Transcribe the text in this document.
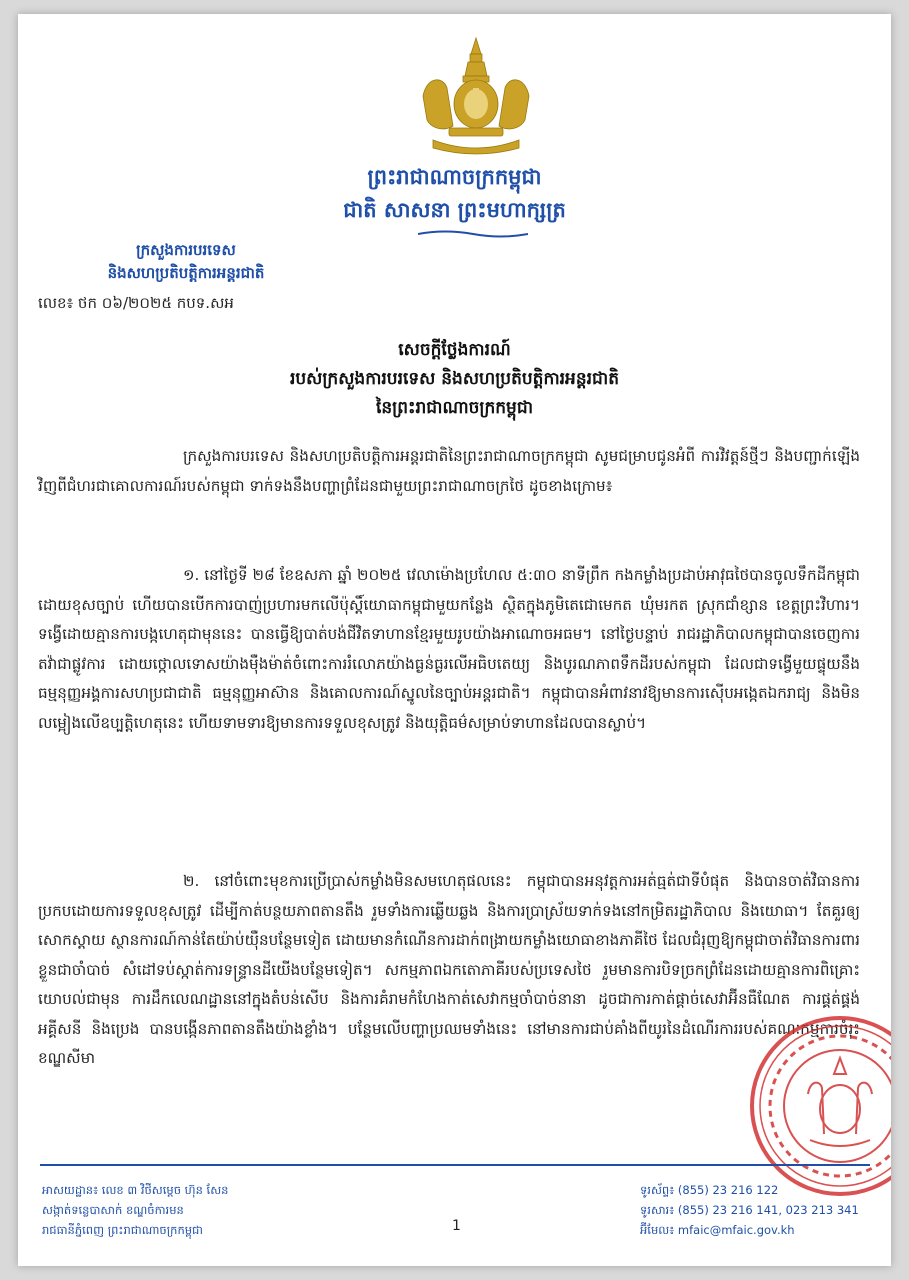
ព្រះរាជាណាចក្រកម្ពុជា
ជាតិ សាសនា ព្រះមហាក្សត្រ
ក្រសួងការបរទេស
និងសហប្រតិបត្តិការអន្តរជាតិ
លេខ៖ ថក ០៦/២០២៥ កបទ.សអ
សេចក្តីថ្លែងការណ៍
របស់ក្រសួងការបរទេស និងសហប្រតិបត្តិការអន្តរជាតិ
នៃព្រះរាជាណាចក្រកម្ពុជា
ក្រសួងការបរទេស និងសហប្រតិបត្តិការអន្តរជាតិនៃព្រះរាជាណាចក្រកម្ពុជា សូមជម្រាបជូនអំពី ការវិវត្តន៍ថ្មីៗ និងបញ្ជាក់ឡើងវិញពីជំហរជាគោលការណ៍របស់កម្ពុជា ទាក់ទងនឹងបញ្ហាព្រំដែនជាមួយព្រះរាជាណាចក្រថៃ ដូចខាងក្រោម៖
១. នៅថ្ងៃទី ២៨ ខែឧសភា ឆ្នាំ ២០២៥ វេលាម៉ោងប្រហែល ៥:៣០ នាទីព្រឹក កងកម្លាំងប្រដាប់អាវុធថៃបានចូលទឹកដីកម្ពុជាដោយខុសច្បាប់ ហើយបានបើកការបាញ់ប្រហារមកលើប៉ុស្តិ៍យោធាកម្ពុជាមួយកន្លែង ស្ថិតក្នុងភូមិតេជោមេកត ឃុំមរកត ស្រុកជាំខ្សាន ខេត្តព្រះវិហារ។ ទង្វើដោយគ្មានការបង្កហេតុជាមុននេះ បានធ្វើឱ្យបាត់បង់ជីវិតទាហានខ្មែរមួយរូបយ៉ាងអាណោចអធម។ នៅថ្ងៃបន្ទាប់ រាជរដ្ឋាភិបាលកម្ពុជាបានចេញការតវ៉ាជាផ្លូវការ ដោយថ្កោលទោសយ៉ាងម៉ឺងម៉ាត់ចំពោះការរំលោភយ៉ាងធ្ងន់ធ្ងរលើអធិបតេយ្យ និងបូរណភាពទឹកដីរបស់កម្ពុជា ដែលជាទង្វើមួយផ្ទុយនឹងធម្មនុញ្ញអង្គការសហប្រជាជាតិ ធម្មនុញ្ញអាស៊ាន និងគោលការណ៍ស្នូលនៃច្បាប់អន្តរជាតិ។ កម្ពុជាបានអំពាវនាវឱ្យមានការស៊ើបអង្កេតឯករាជ្យ និងមិនលម្អៀងលើឧប្បត្តិហេតុនេះ ហើយទាមទារឱ្យមានការទទួលខុសត្រូវ និងយុត្តិធម៌សម្រាប់ទាហានដែលបានស្លាប់។
២. នៅចំពោះមុខការប្រើប្រាស់កម្លាំងមិនសមហេតុផលនេះ កម្ពុជាបានអនុវត្តការអត់ធ្មត់ជាទីបំផុត និងបានចាត់វិធានការប្រកបដោយការទទួលខុសត្រូវ ដើម្បីកាត់បន្ថយភាពតានតឹង រួមទាំងការឆ្លើយឆ្លង និងការប្រាស្រ័យទាក់ទងនៅកម្រិតរដ្ឋាភិបាល និងយោធា។ តែគួរឲ្យសោកស្ដាយ ស្ថានការណ៍កាន់តែយ៉ាប់យ៉ឺនបន្ថែមទៀត ដោយមានកំណើនការដាក់ពង្រាយកម្លាំងយោធាខាងភាគីថៃ ដែលជំរុញឱ្យកម្ពុជាចាត់វិធានការពារខ្លួនជាចាំបាច់ សំដៅទប់ស្កាត់ការទន្ទ្រានដីយើងបន្ថែមទៀត។ សកម្មភាពឯកតោភាគីរបស់ប្រទេសថៃ រួមមានការបិទច្រកព្រំដែនដោយគ្មានការពិគ្រោះយោបល់ជាមុន ការដឹកលេណដ្ឋាននៅក្នុងតំបន់សើប និងការគំរាមកំហែងកាត់សេវាកម្មចាំបាច់នានា ដូចជាការកាត់ផ្ដាច់សេវាអ៊ីនធឺណែត ការផ្គត់ផ្គង់អគ្គីសនី និងប្រេង បានបង្កើនភាពតានតឹងយ៉ាងខ្លាំង។ បន្ថែមលើបញ្ហាប្រឈមទាំងនេះ នៅមានការជាប់គាំងពីយូរនៃដំណើរការរបស់គណៈកម្មការចំរុះខណ្ឌសីមា
អាសយដ្ឋាន៖ លេខ ៣ វិថីសម្ដេច ហ៊ុន សែន
សង្កាត់ទន្លេបាសាក់ ខណ្ឌចំការមន
រាជធានីភ្នំពេញ ព្រះរាជាណាចក្រកម្ពុជា
ទូរស័ព្ទ៖ (855) 23 216 122
ទូរសារ៖ (855) 23 216 141, 023 213 341
អ៊ីមែល៖ mfaic@mfaic.gov.kh
1
